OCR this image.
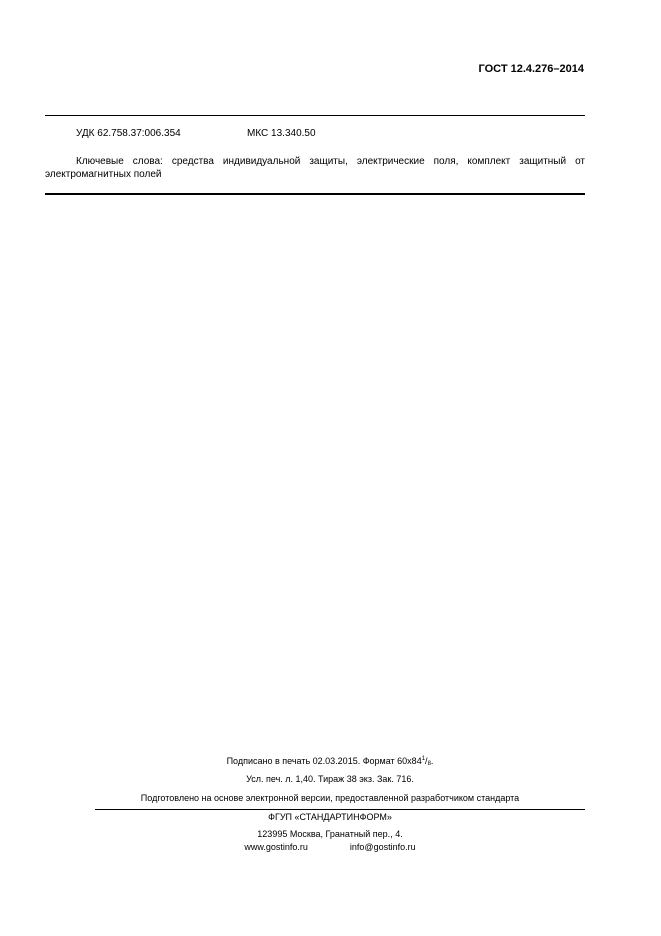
ГОСТ 12.4.276–2014
УДК 62.758.37:006.354	МКС 13.340.50
Ключевые слова: средства индивидуальной защиты, электрические поля, комплект защитный от электромагнитных полей
Подписано в печать 02.03.2015. Формат $60х84^1/_8$.
Усл. печ. л. 1,40. Тираж 38 экз. Зак. 716.
Подготовлено на основе электронной версии, предоставленной разработчиком стандарта
ФГУП «СТАНДАРТИНФОРМ»
123995 Москва, Гранатный пер., 4.
www.gostinfo.ru	info@gostinfo.ru
